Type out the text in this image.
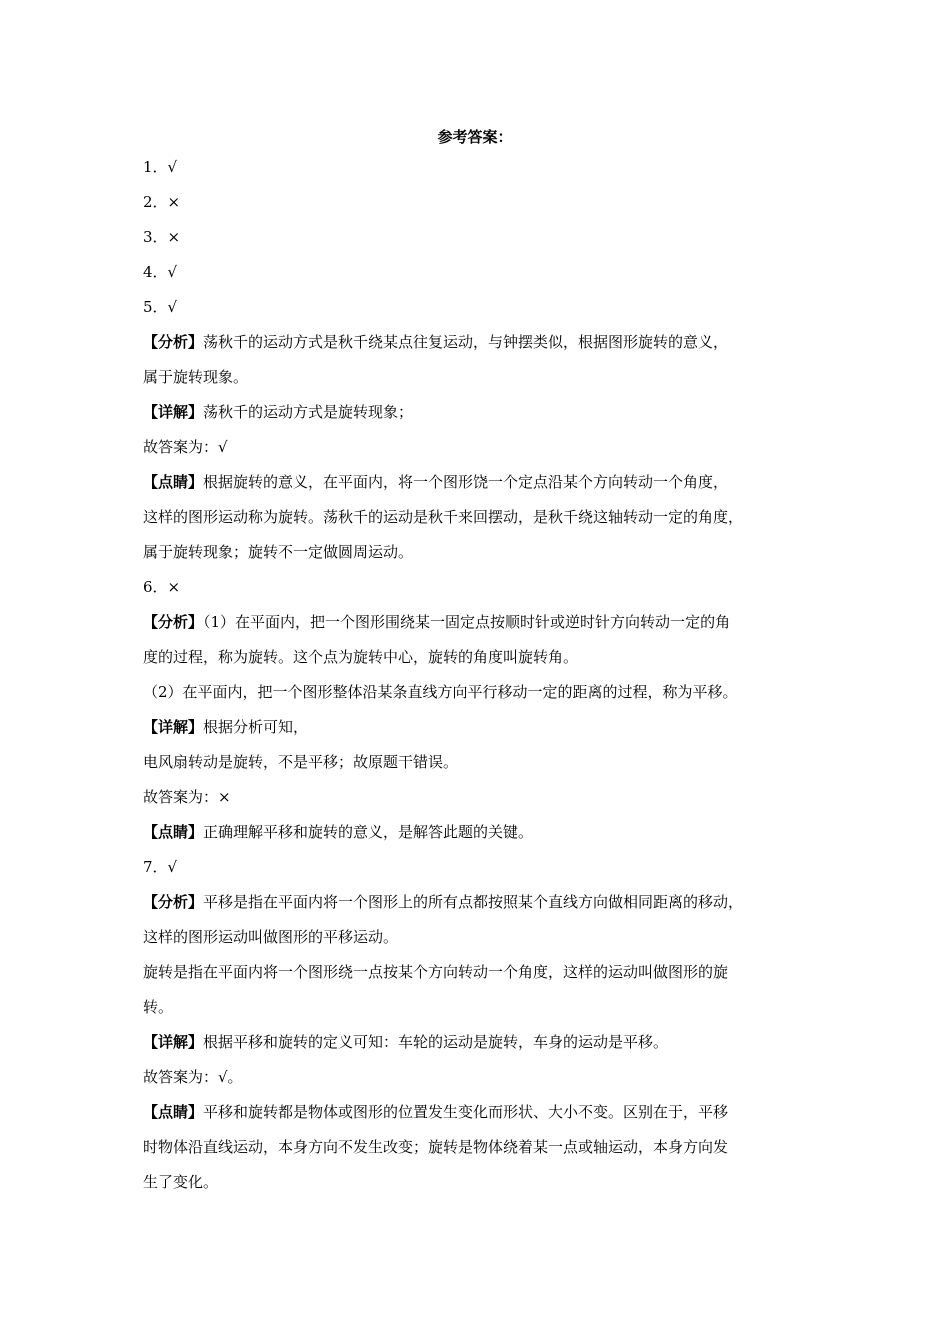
参考答案：
1．√
2．×
3．×
4．√
5．√
【分析】荡秋千的运动方式是秋千绕某点往复运动，与钟摆类似，根据图形旋转的意义，
属于旋转现象。
【详解】荡秋千的运动方式是旋转现象；
故答案为：√
【点睛】根据旋转的意义，在平面内，将一个图形饶一个定点沿某个方向转动一个角度，
这样的图形运动称为旋转。荡秋千的运动是秋千来回摆动，是秋千绕这轴转动一定的角度，
属于旋转现象；旋转不一定做圆周运动。
6．×
【分析】（1）在平面内，把一个图形围绕某一固定点按顺时针或逆时针方向转动一定的角
度的过程，称为旋转。这个点为旋转中心，旋转的角度叫旋转角。
（2）在平面内，把一个图形整体沿某条直线方向平行移动一定的距离的过程，称为平移。
【详解】根据分析可知，
电风扇转动是旋转，不是平移；故原题干错误。
故答案为：×
【点睛】正确理解平移和旋转的意义，是解答此题的关键。
7．√
【分析】平移是指在平面内将一个图形上的所有点都按照某个直线方向做相同距离的移动，
这样的图形运动叫做图形的平移运动。
旋转是指在平面内将一个图形绕一点按某个方向转动一个角度，这样的运动叫做图形的旋
转。
【详解】根据平移和旋转的定义可知：车轮的运动是旋转，车身的运动是平移。
故答案为：√。
【点睛】平移和旋转都是物体或图形的位置发生变化而形状、大小不变。区别在于，平移
时物体沿直线运动，本身方向不发生改变；旋转是物体绕着某一点或轴运动，本身方向发
生了变化。
